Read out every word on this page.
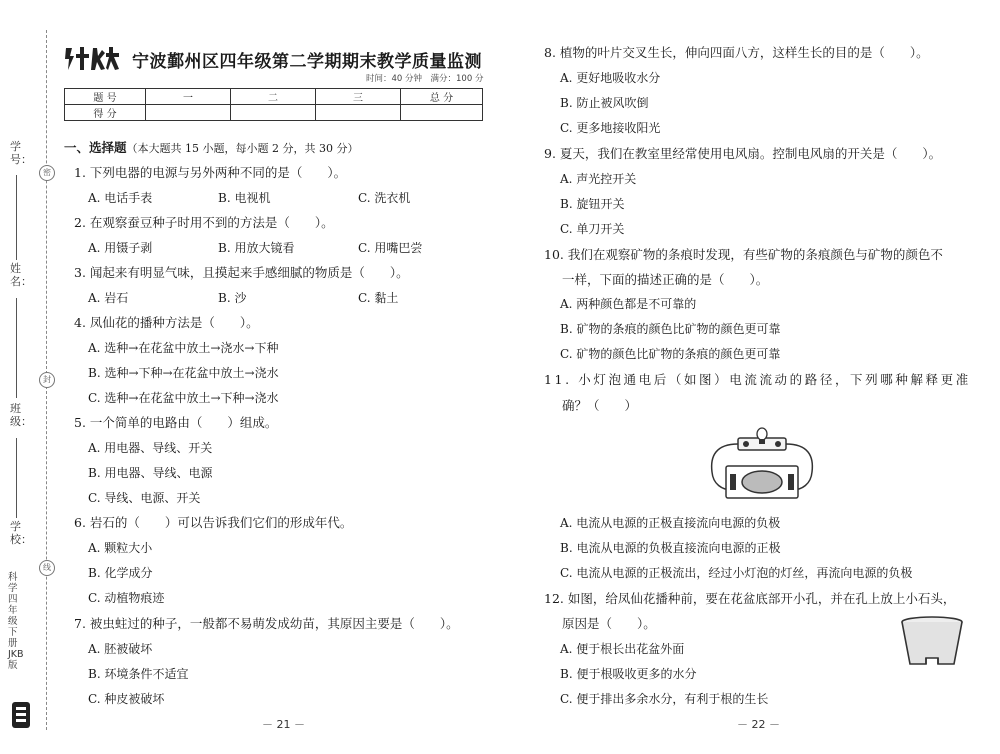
学号：
姓名：
班级：
学校：
密
封
线
科学 四年级 下册 JKB版
宁波鄞州区四年级第二学期期末教学质量监测
时间：40 分钟　满分：100 分
题 号	一	二	三	总 分
得 分				
一、选择题（本大题共 15 小题，每小题 2 分，共 30 分）
1. 下列电器的电源与另外两种不同的是（　　）。
A. 电话手表	B. 电视机	C. 洗衣机
2. 在观察蚕豆种子时用不到的方法是（　　）。
A. 用镊子剥	B. 用放大镜看	C. 用嘴巴尝
3. 闻起来有明显气味，且摸起来手感细腻的物质是（　　）。
A. 岩石	B. 沙	C. 黏土
4. 凤仙花的播种方法是（　　）。
A. 选种→在花盆中放土→浇水→下种
B. 选种→下种→在花盆中放土→浇水
C. 选种→在花盆中放土→下种→浇水
5. 一个简单的电路由（　　）组成。
A. 用电器、导线、开关
B. 用电器、导线、电源
C. 导线、电源、开关
6. 岩石的（　　）可以告诉我们它们的形成年代。
A. 颗粒大小
B. 化学成分
C. 动植物痕迹
7. 被虫蛀过的种子，一般都不易萌发成幼苗，其原因主要是（　　）。
A. 胚被破坏
B. 环境条件不适宜
C. 种皮被破坏
－ 21 －
8. 植物的叶片交叉生长，伸向四面八方，这样生长的目的是（　　）。
A. 更好地吸收水分
B. 防止被风吹倒
C. 更多地接收阳光
9. 夏天，我们在教室里经常使用电风扇。控制电风扇的开关是（　　）。
A. 声光控开关
B. 旋钮开关
C. 单刀开关
10. 我们在观察矿物的条痕时发现，有些矿物的条痕颜色与矿物的颜色不
一样，下面的描述正确的是（　　）。
A. 两种颜色都是不可靠的
B. 矿物的条痕的颜色比矿物的颜色更可靠
C. 矿物的颜色比矿物的条痕的颜色更可靠
11. 小灯泡通电后（如图）电流流动的路径，下列哪种解释更准
确？（　　）
A. 电流从电源的正极直接流向电源的负极
B. 电流从电源的负极直接流向电源的正极
C. 电流从电源的正极流出，经过小灯泡的灯丝，再流向电源的负极
12. 如图，给凤仙花播种前，要在花盆底部开小孔，并在孔上放上小石头，
原因是（　　）。
A. 便于根长出花盆外面
B. 便于根吸收更多的水分
C. 便于排出多余水分，有利于根的生长
－ 22 －
